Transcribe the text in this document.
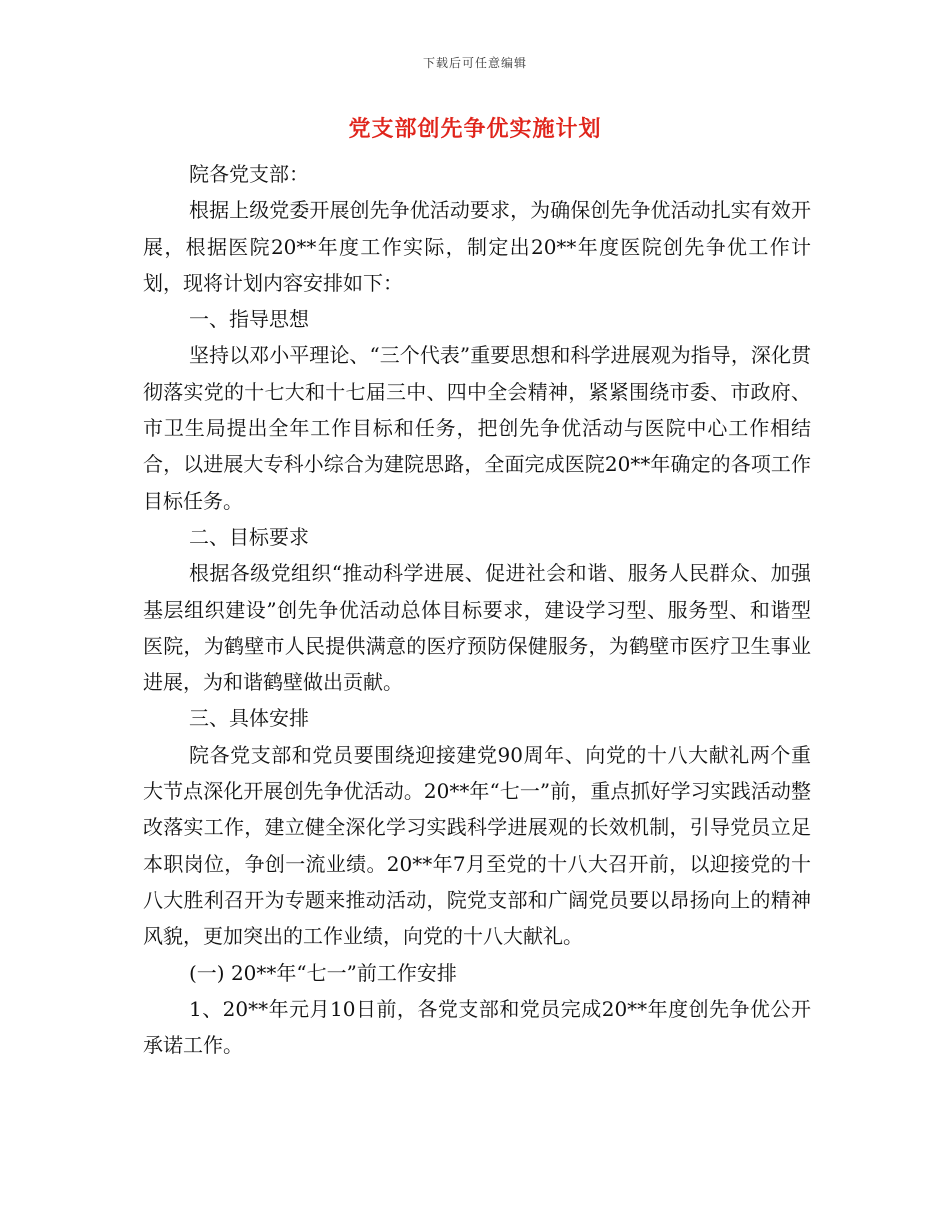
下载后可任意编辑
党支部创先争优实施计划

院各党支部：

根据上级党委开展创先争优活动要求，为确保创先争优活动扎实有效开展，根据医院20**年度工作实际，制定出20**年度医院创先争优工作计划，现将计划内容安排如下：

一、指导思想

坚持以邓小平理论、“三个代表”重要思想和科学进展观为指导，深化贯彻落实党的十七大和十七届三中、四中全会精神，紧紧围绕市委、市政府、市卫生局提出全年工作目标和任务，把创先争优活动与医院中心工作相结合，以进展大专科小综合为建院思路，全面完成医院20**年确定的各项工作目标任务。

二、目标要求

根据各级党组织“推动科学进展、促进社会和谐、服务人民群众、加强基层组织建设”创先争优活动总体目标要求，建设学习型、服务型、和谐型医院，为鹤壁市人民提供满意的医疗预防保健服务，为鹤壁市医疗卫生事业进展，为和谐鹤壁做出贡献。

三、具体安排

院各党支部和党员要围绕迎接建党90周年、向党的十八大献礼两个重大节点深化开展创先争优活动。20**年“七一”前，重点抓好学习实践活动整改落实工作，建立健全深化学习实践科学进展观的长效机制，引导党员立足本职岗位，争创一流业绩。20**年7月至党的十八大召开前，以迎接党的十八大胜利召开为专题来推动活动，院党支部和广阔党员要以昂扬向上的精神风貌，更加突出的工作业绩，向党的十八大献礼。

(一) 20**年“七一”前工作安排

1、20**年元月10日前，各党支部和党员完成20**年度创先争优公开承诺工作。
